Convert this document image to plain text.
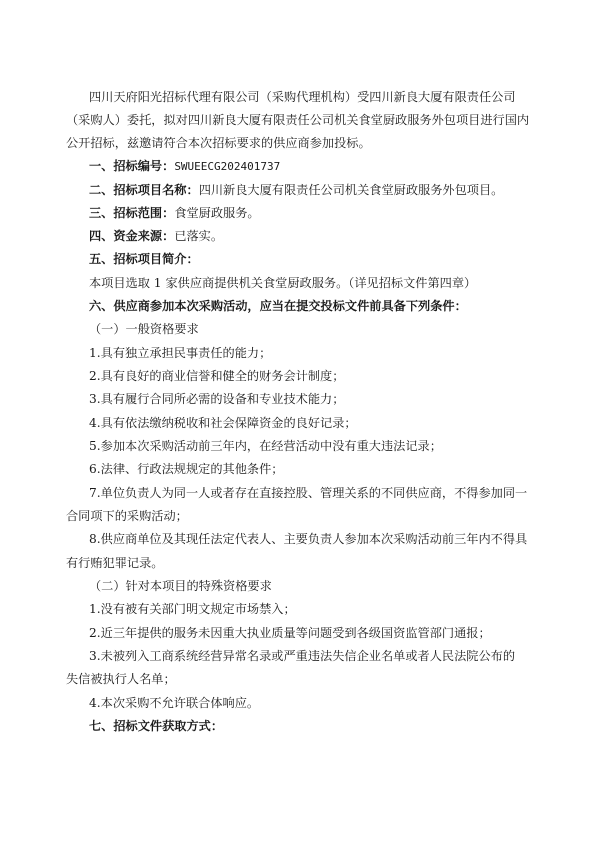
四川天府阳光招标代理有限公司（采购代理机构）受四川新良大厦有限责任公司
（采购人）委托，拟对四川新良大厦有限责任公司机关食堂厨政服务外包项目进行国内
公开招标，兹邀请符合本次招标要求的供应商参加投标。
一、招标编号：SWUEECG202401737
二、招标项目名称：四川新良大厦有限责任公司机关食堂厨政服务外包项目。
三、招标范围：食堂厨政服务。
四、资金来源：已落实。
五、招标项目简介：
本项目选取 1 家供应商提供机关食堂厨政服务。（详见招标文件第四章）
六、供应商参加本次采购活动，应当在提交投标文件前具备下列条件：
（一）一般资格要求
1.具有独立承担民事责任的能力；
2.具有良好的商业信誉和健全的财务会计制度；
3.具有履行合同所必需的设备和专业技术能力；
4.具有依法缴纳税收和社会保障资金的良好记录；
5.参加本次采购活动前三年内，在经营活动中没有重大违法记录；
6.法律、行政法规规定的其他条件；
7.单位负责人为同一人或者存在直接控股、管理关系的不同供应商，不得参加同一
合同项下的采购活动；
8.供应商单位及其现任法定代表人、主要负责人参加本次采购活动前三年内不得具
有行贿犯罪记录。
（二）针对本项目的特殊资格要求
1.没有被有关部门明文规定市场禁入；
2.近三年提供的服务未因重大执业质量等问题受到各级国资监管部门通报；
3.未被列入工商系统经营异常名录或严重违法失信企业名单或者人民法院公布的
失信被执行人名单；
4.本次采购不允许联合体响应。
七、招标文件获取方式：
